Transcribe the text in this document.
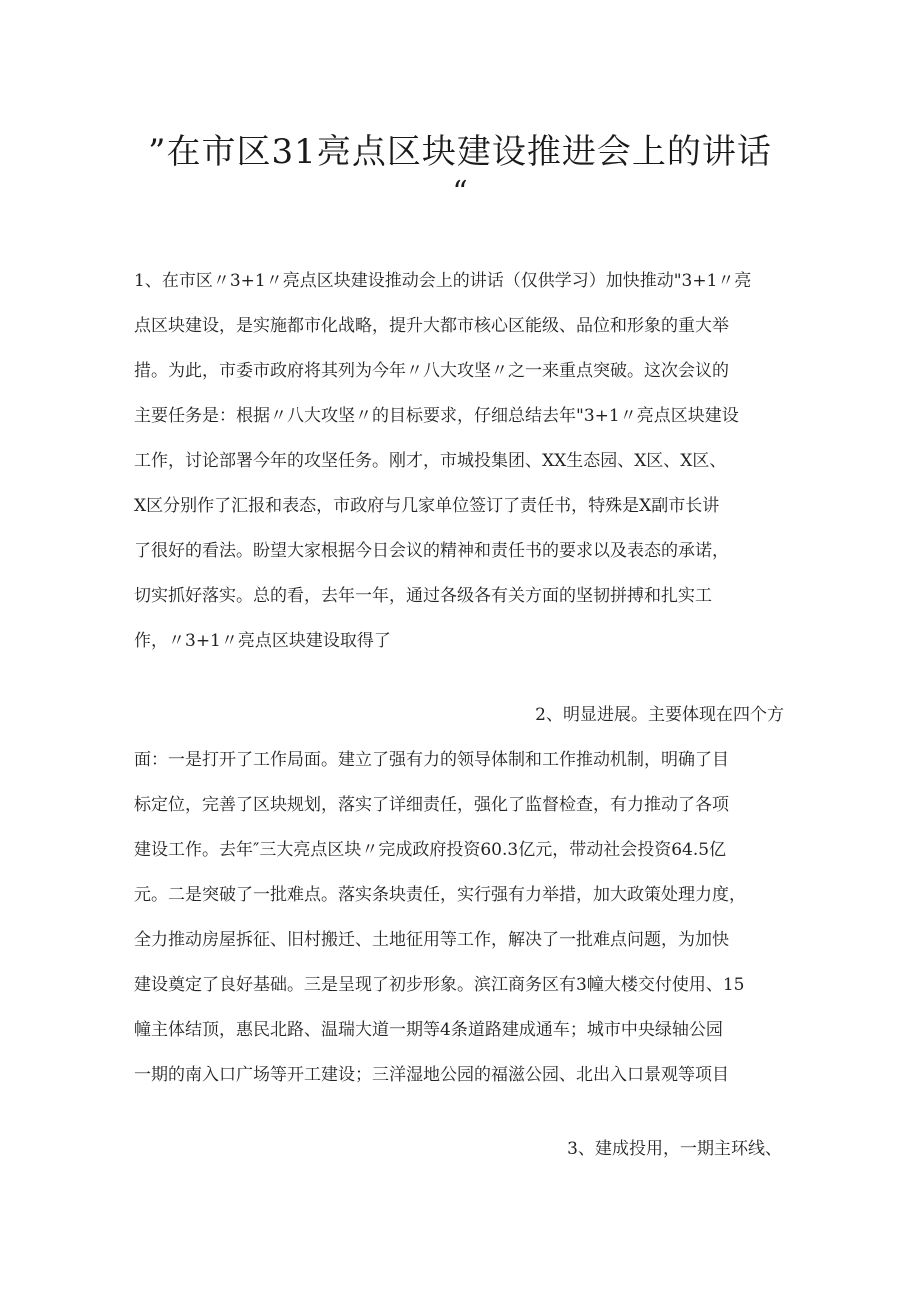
”在市区31亮点区块建设推进会上的讲话
“
1、在市区〃3+1〃亮点区块建设推动会上的讲话（仅供学习）加快推动"3+1〃亮
点区块建设，是实施都市化战略，提升大都市核心区能级、品位和形象的重大举
措。为此，市委市政府将其列为今年〃八大攻坚〃之一来重点突破。这次会议的
主要任务是：根据〃八大攻坚〃的目标要求，仔细总结去年"3+1〃亮点区块建设
工作，讨论部署今年的攻坚任务。刚才，市城投集团、XX生态园、X区、X区、
X区分别作了汇报和表态，市政府与几家单位签订了责任书，特殊是X副市长讲
了很好的看法。盼望大家根据今日会议的精神和责任书的要求以及表态的承诺，
切实抓好落实。总的看，去年一年，通过各级各有关方面的坚韧拼搏和扎实工
作，〃3+1〃亮点区块建设取得了
2、明显进展。主要体现在四个方
面：一是打开了工作局面。建立了强有力的领导体制和工作推动机制，明确了目
标定位，完善了区块规划，落实了详细责任，强化了监督检查，有力推动了各项
建设工作。去年″三大亮点区块〃完成政府投资60.3亿元，带动社会投资64.5亿
元。二是突破了一批难点。落实条块责任，实行强有力举措，加大政策处理力度，
全力推动房屋拆征、旧村搬迁、土地征用等工作，解决了一批难点问题，为加快
建设奠定了良好基础。三是呈现了初步形象。滨江商务区有3幢大楼交付使用、15
幢主体结顶，惠民北路、温瑞大道一期等4条道路建成通车；城市中央绿轴公园
一期的南入口广场等开工建设；三洋湿地公园的福滋公园、北出入口景观等项目
3、建成投用，一期主环线、
